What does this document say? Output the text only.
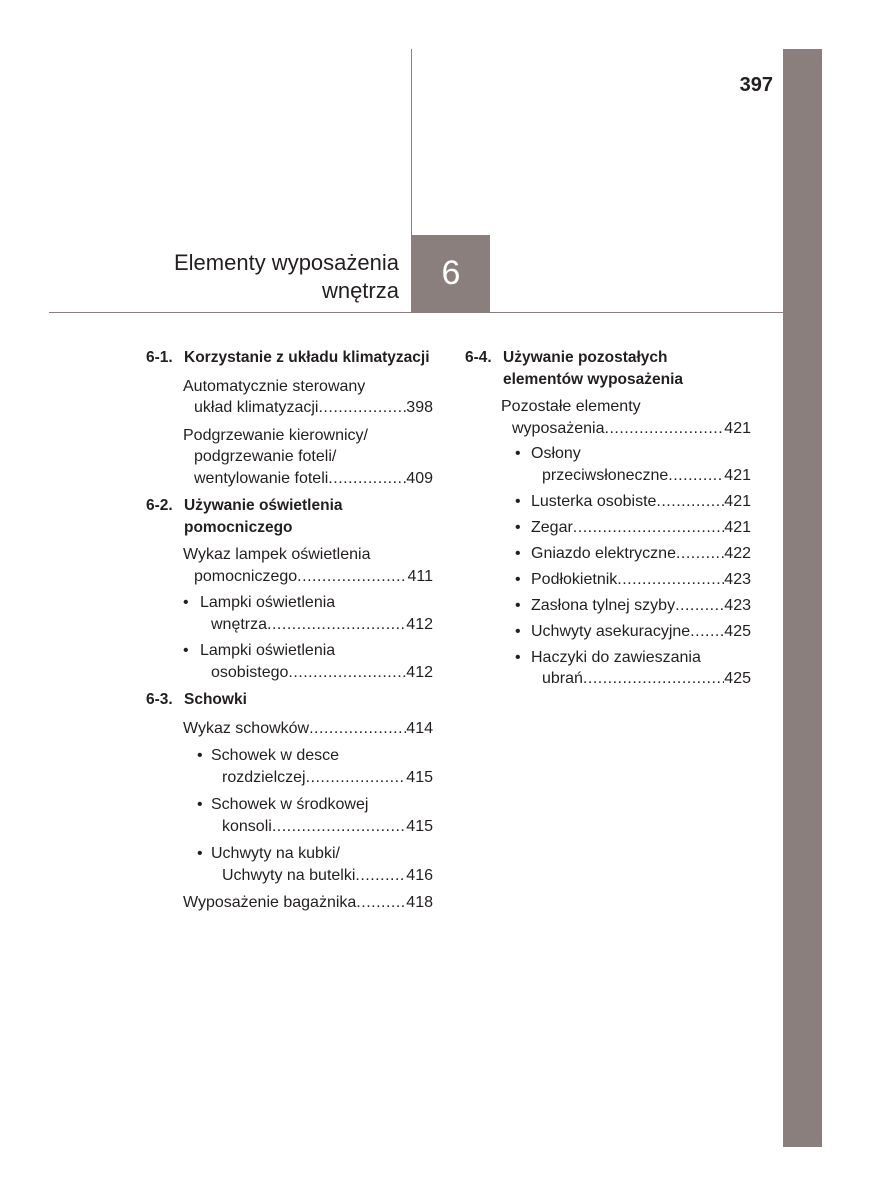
397
Elementy wyposażenia
wnętrza 6
6-1. Korzystanie z układu klimatyzacji
Automatycznie sterowany
układ klimatyzacji .....	398
Podgrzewanie kierownicy/
podgrzewanie foteli/
wentylowanie foteli .....	409
6-2. Używanie oświetlenia
pomocniczego
Wykaz lampek oświetlenia
pomocniczego .....	411
• Lampki oświetlenia
wnętrza .....	412
• Lampki oświetlenia
osobistego .....	412
6-3. Schowki
Wykaz schowków .....	414
• Schowek w desce
rozdzielczej .....	415
• Schowek w środkowej
konsoli .....	415
• Uchwyty na kubki/
Uchwyty na butelki .....	416
Wyposażenie bagażnika .....	418
6-4. Używanie pozostałych
elementów wyposażenia
Pozostałe elementy
wyposażenia .....	421
• Osłony
przeciwsłoneczne .....	421
• Lusterka osobiste .....	421
• Zegar .....	421
• Gniazdo elektryczne .....	422
• Podłokietnik .....	423
• Zasłona tylnej szyby .....	423
• Uchwyty asekuracyjne ..... 425
• Haczyki do zawieszania
ubrań .....	425
